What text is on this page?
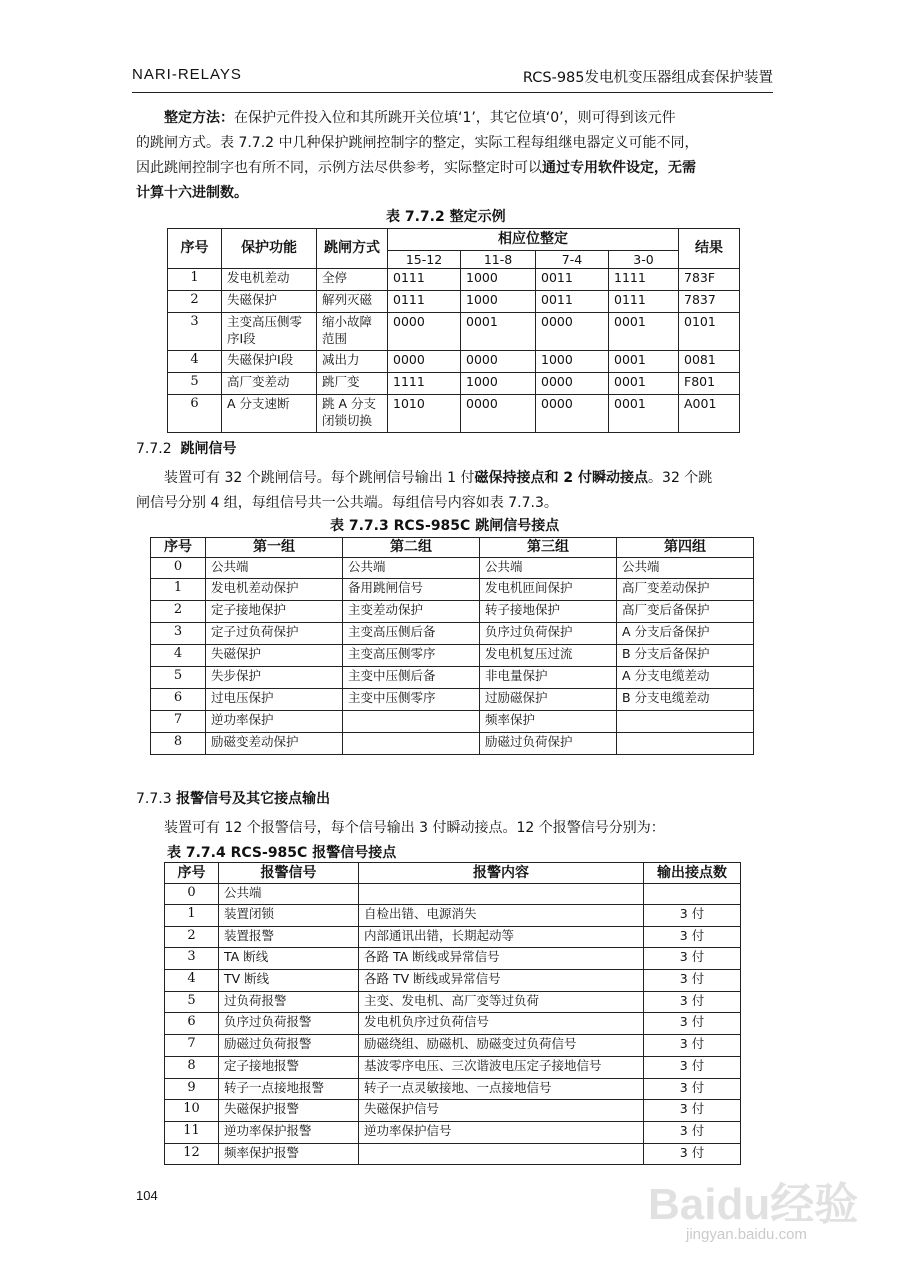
NARI-RELAYS	RCS-985发电机变压器组成套保护装置

整定方法：在保护元件投入位和其所跳开关位填‘1’，其它位填‘0’，则可得到该元件

的跳闸方式。表 7.7.2 中几种保护跳闸控制字的整定，实际工程每组继电器定义可能不同，

因此跳闸控制字也有所不同，示例方法尽供参考，实际整定时可以通过专用软件设定，无需

计算十六进制数。

表 7.7.2 整定示例
序号	保护功能	跳闸方式	相应位整定				结果
			15-12	11-8	7-4	3-0	
1	发电机差动	全停	0111	1000	0011	1111	783F
2	失磁保护	解列灭磁	0111	1000	0011	0111	7837
3	主变高压侧零序Ⅰ段	缩小故障范围	0000	0001	0000	0001	0101
4	失磁保护Ⅰ段	减出力	0000	0000	1000	0001	0081
5	高厂变差动	跳厂变	1111	1000	0000	0001	F801
6	A 分支速断	跳 A 分支闭锁切换	1010	0000	0000	0001	A001
7.7.2 跳闸信号

装置可有 32 个跳闸信号。每个跳闸信号输出 1 付磁保持接点和 2 付瞬动接点。32 个跳

闸信号分别 4 组，每组信号共一公共端。每组信号内容如表 7.7.3。

表 7.7.3 RCS-985C 跳闸信号接点
序号	第一组	第二组	第三组	第四组
0	公共端	公共端	公共端	公共端
1	发电机差动保护	备用跳闸信号	发电机匝间保护	高厂变差动保护
2	定子接地保护	主变差动保护	转子接地保护	高厂变后备保护
3	定子过负荷保护	主变高压侧后备	负序过负荷保护	A 分支后备保护
4	失磁保护	主变高压侧零序	发电机复压过流	B 分支后备保护
5	失步保护	主变中压侧后备	非电量保护	A 分支电缆差动
6	过电压保护	主变中压侧零序	过励磁保护	B 分支电缆差动
7	逆功率保护		频率保护	
8	励磁变差动保护		励磁过负荷保护	
7.7.3 报警信号及其它接点输出

装置可有 12 个报警信号，每个信号输出 3 付瞬动接点。12 个报警信号分别为：

表 7.7.4 RCS-985C 报警信号接点
序号	报警信号	报警内容	输出接点数
0	公共端		
1	装置闭锁	自检出错、电源消失	3 付
2	装置报警	内部通讯出错，长期起动等	3 付
3	TA 断线	各路 TA 断线或异常信号	3 付
4	TV 断线	各路 TV 断线或异常信号	3 付
5	过负荷报警	主变、发电机、高厂变等过负荷	3 付
6	负序过负荷报警	发电机负序过负荷信号	3 付
7	励磁过负荷报警	励磁绕组、励磁机、励磁变过负荷信号	3 付
8	定子接地报警	基波零序电压、三次谐波电压定子接地信号	3 付
9	转子一点接地报警	转子一点灵敏接地、一点接地信号	3 付
10	失磁保护报警	失磁保护信号	3 付
11	逆功率保护报警	逆功率保护信号	3 付
12	频率保护报警		3 付
104	Baidu经验
jingyan.baidu.com
